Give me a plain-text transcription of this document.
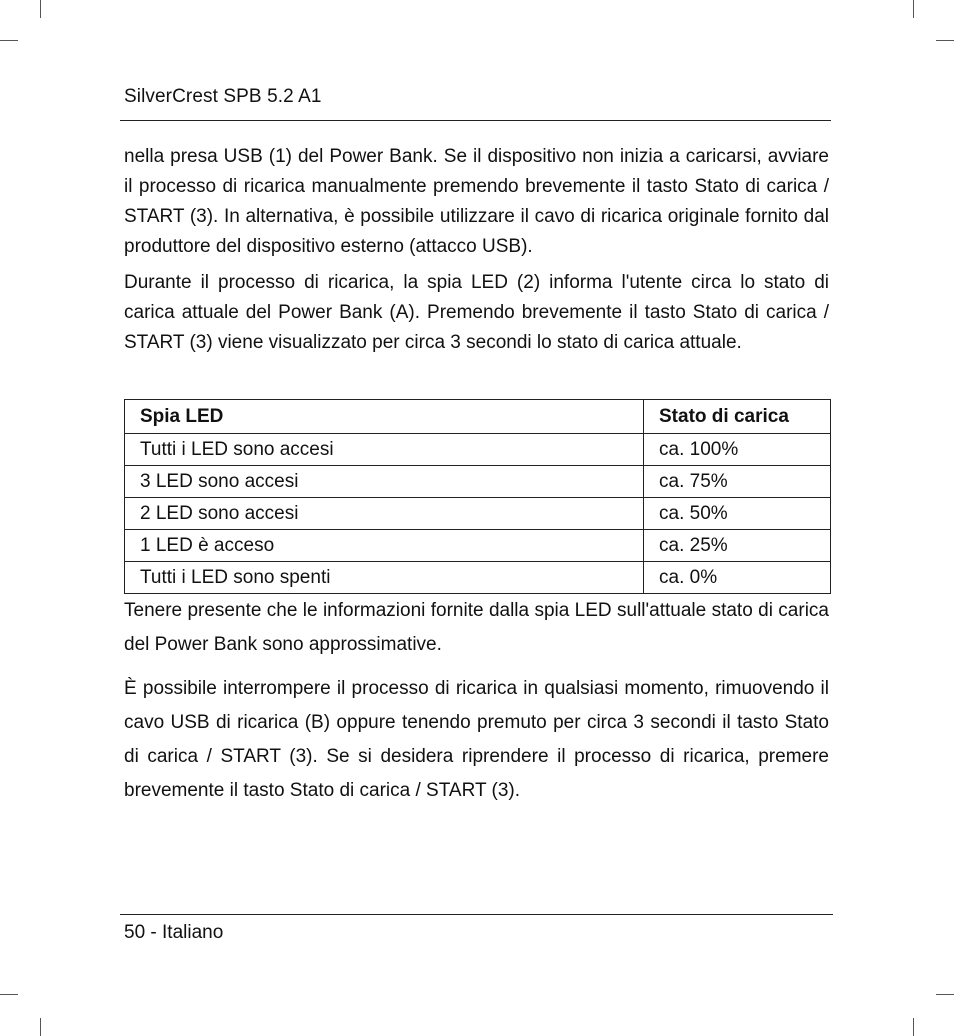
SilverCrest SPB 5.2 A1

nella presa USB (1) del Power Bank. Se il dispositivo non inizia a caricarsi, avviare il processo di ricarica manualmente premendo brevemente il tasto Stato di carica / START (3). In alternativa, è possibile utilizzare il cavo di ricarica originale fornito dal produttore del dispositivo esterno (attacco USB).

Durante il processo di ricarica, la spia LED (2) informa l'utente circa lo stato di carica attuale del Power Bank (A). Premendo brevemente il tasto Stato di carica / START (3) viene visualizzato per circa 3 secondi lo stato di carica attuale.

Spia LED	Stato di carica
Tutti i LED sono accesi	ca. 100%
3 LED sono accesi	ca. 75%
2 LED sono accesi	ca. 50%
1 LED è acceso	ca. 25%
Tutti i LED sono spenti	ca. 0%

Tenere presente che le informazioni fornite dalla spia LED sull'attuale stato di carica del Power Bank sono approssimative.

È possibile interrompere il processo di ricarica in qualsiasi momento, rimuovendo il cavo USB di ricarica (B) oppure tenendo premuto per circa 3 secondi il tasto Stato di carica / START (3). Se si desidera riprendere il processo di ricarica, premere brevemente il tasto Stato di carica / START (3).

50 - Italiano
